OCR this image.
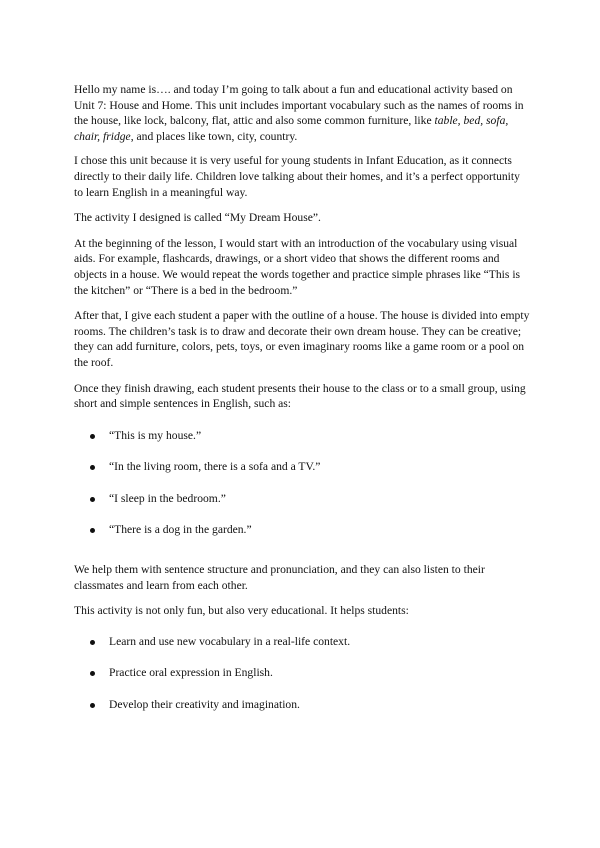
Hello my name is…. and today I’m going to talk about a fun and educational activity based on Unit 7: House and Home. This unit includes important vocabulary such as the names of rooms in the house, like lock, balcony, flat, attic and also some common furniture, like table, bed, sofa, chair, fridge, and places like town, city, country.

I chose this unit because it is very useful for young students in Infant Education, as it connects directly to their daily life. Children love talking about their homes, and it’s a perfect opportunity to learn English in a meaningful way.

The activity I designed is called “My Dream House”.

At the beginning of the lesson, I would start with an introduction of the vocabulary using visual aids. For example, flashcards, drawings, or a short video that shows the different rooms and objects in a house. We would repeat the words together and practice simple phrases like “This is the kitchen” or “There is a bed in the bedroom.”

After that, I give each student a paper with the outline of a house. The house is divided into empty rooms. The children’s task is to draw and decorate their own dream house. They can be creative; they can add furniture, colors, pets, toys, or even imaginary rooms like a game room or a pool on the roof.

Once they finish drawing, each student presents their house to the class or to a small group, using short and simple sentences in English, such as:

“This is my house.”
“In the living room, there is a sofa and a TV.”
“I sleep in the bedroom.”
“There is a dog in the garden.”

We help them with sentence structure and pronunciation, and they can also listen to their classmates and learn from each other.

This activity is not only fun, but also very educational. It helps students:

Learn and use new vocabulary in a real-life context.
Practice oral expression in English.
Develop their creativity and imagination.
